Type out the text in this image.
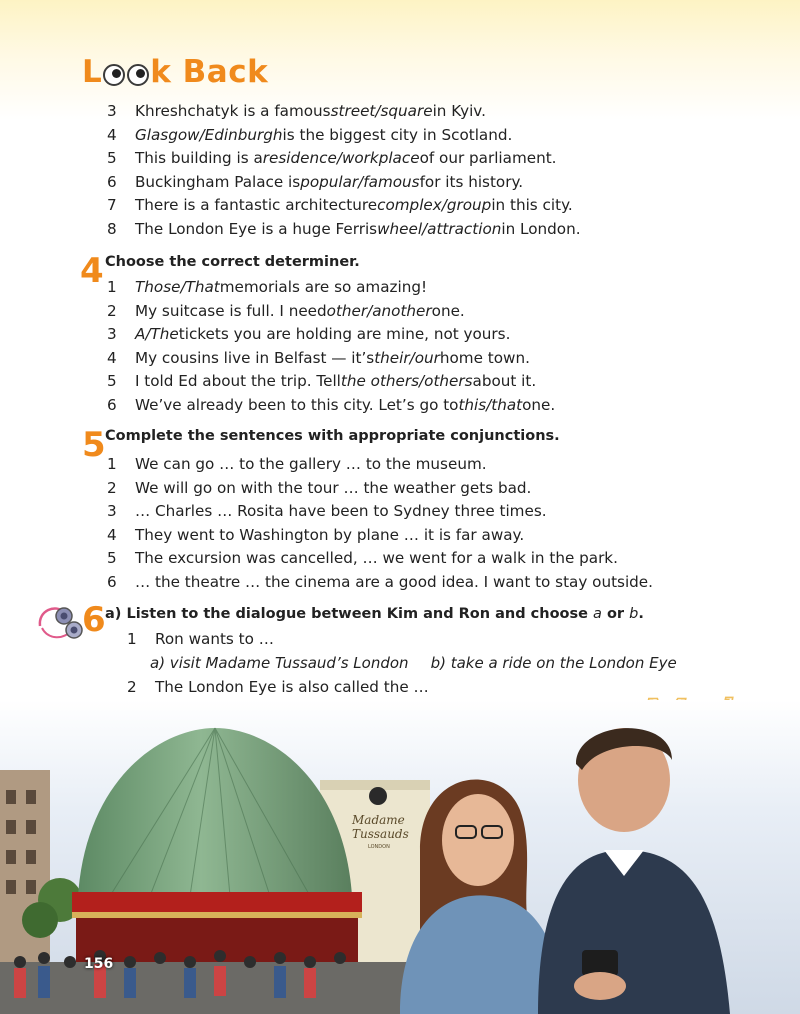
L k Back
3	Khreshchatyk is a famous street/square in Kyiv.
4	Glasgow/Edinburgh is the biggest city in Scotland.
5	This building is a residence/workplace of our parliament.
6	Buckingham Palace is popular/famous for its history.
7	There is a fantastic architecture complex/group in this city.
8	The London Eye is a huge Ferris wheel/attraction in London.
4 Choose the correct determiner.
1	Those/That memorials are so amazing!
2	My suitcase is full. I need other/another one.
3	A/The tickets you are holding are mine, not yours.
4	My cousins live in Belfast — it’s their/our home town.
5	I told Ed about the trip. Tell the others/others about it.
6	We’ve already been to this city. Let’s go to this/that one.
5 Complete the sentences with appropriate conjunctions.
1	We can go … to the gallery … to the museum.
2	We will go on with the tour … the weather gets bad.
3	… Charles … Rosita have been to Sydney three times.
4	They went to Washington by plane … it is far away.
5	The excursion was cancelled, … we went for a walk in the park.
6	… the theatre … the cinema are a good idea. I want to stay outside.
6 a) Listen to the dialogue between Kim and Ron and choose a or b.
1 Ron wants to …
a) visit Madame Tussaud’s London b) take a ride on the London Eye
2 The London Eye is also called the …
Madame
Tussauds
LONDON
156
